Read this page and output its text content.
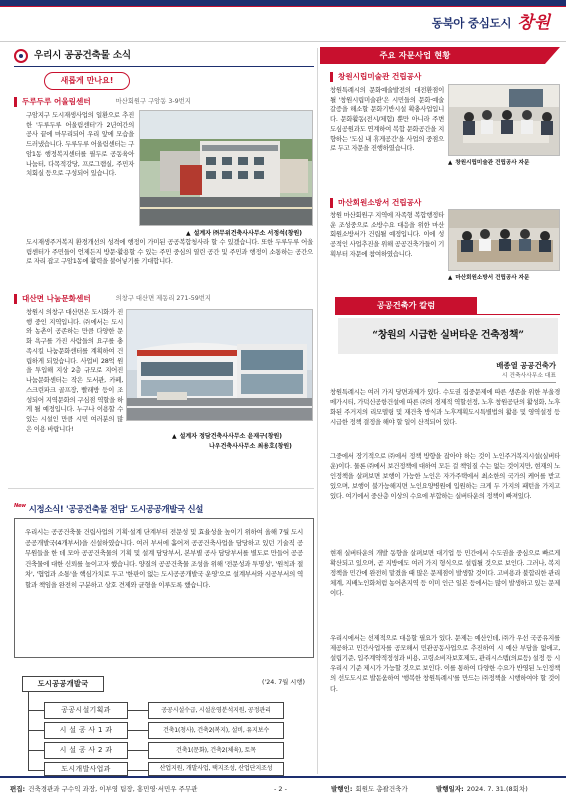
동북아 중심도시 창원
우리시 공공건축물 소식
새롭게 만나요!
두루두루 어울림센터	마산회원구 구암동 3-9번지

구암지구 도시재생사업의 일환으로 추진한 '두루두루 어울림센터'가 2년여간의 공사 끝에 마무리되어 우리 앞에 모습을 드러냈습니다. 두루두루 어울림센터는 구암1동 행정복지센터를 필두로 공동육아나눔터, 다목적강당, 프로그램실, 주민자치회실 등으로 구성되어 있습니다.

▲ 설계자 ㈜무위건축사사무소 서정석(창원)

도시재생주거복지 환경개선의 성격에 행정이 가미된 공공복합청사라 할 수 있겠습니다. 또한 두루두루 어울림센터가 주민들이 언제든지 방문·활용할 수 있는 주민 중심의 열린 공간 및 주민과 행정이 소통하는 공간으로 자리 잡고 구암1동에 활력을 불어넣기를 기대합니다.

대산면 나눔문화센터	의창구 대산면 제동리 271-59번지

창원시 의창구 대산면은 도시화가 진행 중인 지역입니다. ㈜에서는 도시와 농촌이 공존하는 만큼 다양한 문화 욕구를 가진 사람들의 요구를 충족시킬 나눔문화센터를 계획하여 건립하게 되었습니다. 사업비 28억 원을 투입해 지상 2층 규모로 지어진 나눔문화센터는 작은 도서관, 카페, 스크린파크 골프장, 빨래방 등이 조성되어 지역문화의 구심점 역할을 하게 될 예정입니다. 누구나 이용할 수 있는 시설인 만큼 시민 여러분의 많은 이용 바랍니다!

▲ 설계자 정담건축사사무소 윤재구(창원)
나우건축사사무소 최용호(창원)
New 시정소식! '공공건축물 전담' 도시공공개발국 신설

우리시는 공공건축물 건립사업의 기획·설계 단계부터 전문성 및 효율성을 높이기 위하여 올해 7월 도시공공개발국(4개부서)을 신설하였습니다. 여러 부서에 흩어져 공공건축사업을 담당하고 있던 기술직 공무원들을 한 데 모아 공공건축물의 기획 및 설계 담당부서, 본부별 공사 담당부서를 별도로 만들어 공공건축물에 대한 신뢰를 높이고자 했습니다. 양질의 공공건축물 조성을 위해 '전문성과 투명성', '원칙과 절차', '협업과 소통'을 핵심가치로 두고 '한판이 없는 도시공공개발국 운영'으로 설계부서와 시공부서의 역할과 책임을 완전히 구분하고 상호 견제와 균형을 이루도록 했습니다.

도시공공개발국	('24. 7월 시행)
공공시설기획과	공공시설수급, 시설운영분석지원, 공정관리
시 설 공 사 1 과	건축1(청사), 건축2(복지), 설비, 유지보수
시 설 공 사 2 과	건축1(문화), 건축2(체육), 토목
도시개발사업과	산업지원, 개발사업, 택지조성, 산업단지조성
주요 자문사업 현황
창원시립미술관 건립공사

창원특례시의 문화예술발전의 대전환점이 될 '창원시립미술관'은 시민들의 문화·예술 갈증을 해소할 문화기반시설 확충사업입니다. 문화활동(전시/체험) 뿐만 아니라 주변 도심공원과도 연계하여 복합 문화공간을 지향하는 '도심 내 휴게공간'을 사업의 중점으로 두고 자문을 진행하였습니다.

▲ 창원시립미술관 건립공사 자문
마산회원소방서 건립공사

창원 마산회원구 지역에 자족형 복합행정타운 조성중으로 소방수요 대응을 위한 마산회원소방서가 건립될 예정입니다. 이에 성공적인 사업추진을 위해 공공건축가들이 기획부터 자문에 참여하였습니다.

▲ 마산회원소방서 건립공사 자문
공공건축가 칼럼
“창원의 시급한 실버타운 건축정책”
배종열 공공건축가
시 건축사사무소 대표

창원특례시는 여러 가지 당면과제가 있다. 수도권 집중문제에 따른 생존을 위한 부울경 메가시티, 가덕신공항건설에 따른 ㈜의 경제적 역할선정, 노후 창원공단의 활성화, 노후화된 주거지의 리모델링 및 재건축 방식과 노후계획도시특별법의 활용 및 영역설정 등 시급한 정책 결정을 해야 할 일이 산적되어 있다.

그중에서 장기적으로 ㈜에서 정책 방향을 잡아야 하는 것이 노인주거복지시설(실버타운)이다. 물론 ㈜에서 보건정책에 대하여 모든 걸 책임질 수는 없는 것이지만, 현재의 노인정책을 살펴보면 보행이 가능한 노인은 자가주택에서 최소한의 국가의 케어를 받고 있으며, 보행이 불가능해지면 노인요양병원에 입원하는 크게 두 가지의 패턴을 가지고 있다. 여기에서 중산층 이상의 수요에 부합하는 실버타운의 정책이 빠져있다.

현재 실버타운의 개발 동향을 살펴보면 대기업 등 민간에서 수도권을 중심으로 빠르게 확산되고 있으며, 곧 지방에도 여러 가지 형식으로 설립될 것으로 보인다. 그러나, 복지정책을 민간에 완전히 맡겼을 때 많은 문제점이 발생할 것이다. 고비용과 불합리한 관리체계, 지배노인화처럼 농어촌지역 등 이미 인근 일본 등에서는 많이 발생하고 있는 문제이다.

우리시에서는 선제적으로 대응할 필요가 있다. 문제는 예산인데, ㈜가 우선 국공유지를 제공하고 민간사업자를 공모해서 민관공동사업으로 추진하여 시 예산 부담을 없애고, 설립기준, 입주계약적정성과 비용, 고령소비자보호제도, 관리시스템(의료등) 설정 등 시 우리시 기준 제시가 가능할 것으로 보인다. 이를 통하여 다양한 수요가 반영된 노인정책의 선도도시로 발돋움하여 '행복한 창원특례시'를 만드는 ㈜정책을 시행하여야 할 것이다.

편집: 건축경관과 구수익 과장, 이부영 팀장, 홍민영·서민우 주무관	- 2 -	발행인: 회원도 총괄건축가	발행일자: 2024. 7. 31.(8회차)
